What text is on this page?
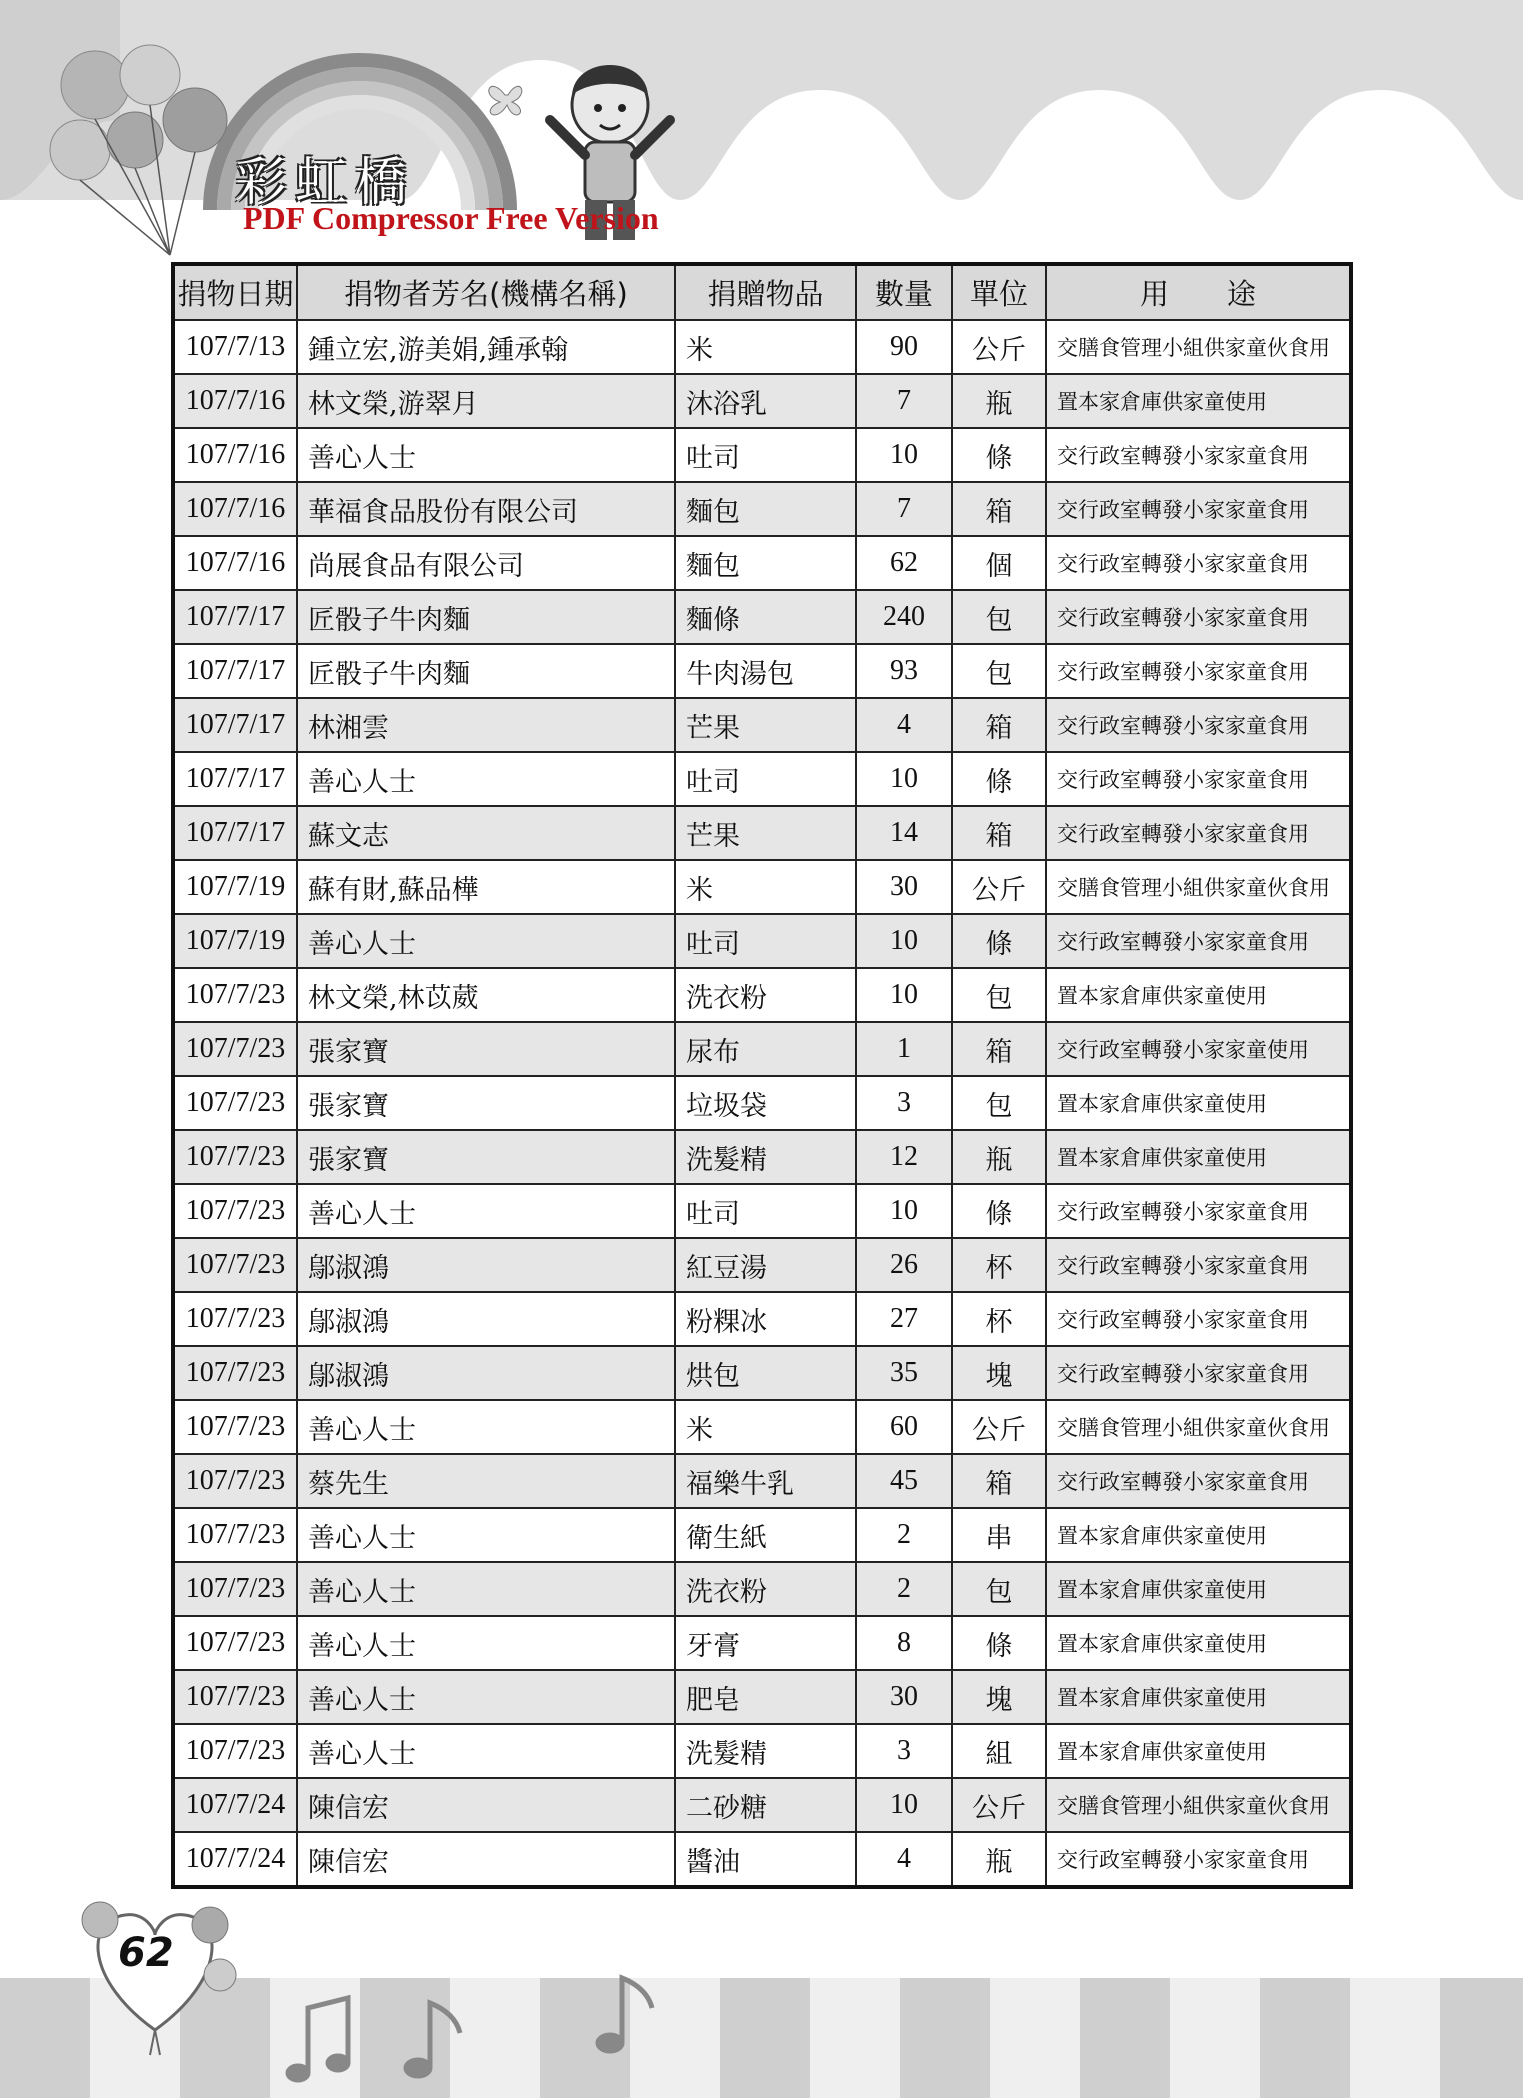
彩虹橋
PDF Compressor Free Version
捐物日期	捐物者芳名(機構名稱)	捐贈物品	數量	單位	用　　途
107/7/13	鍾立宏,游美娟,鍾承翰	米	90	公斤	交膳食管理小組供家童伙食用
107/7/16	林文榮,游翠月	沐浴乳	7	瓶	置本家倉庫供家童使用
107/7/16	善心人士	吐司	10	條	交行政室轉發小家家童食用
107/7/16	華福食品股份有限公司	麵包	7	箱	交行政室轉發小家家童食用
107/7/16	尚展食品有限公司	麵包	62	個	交行政室轉發小家家童食用
107/7/17	匠骰子牛肉麵	麵條	240	包	交行政室轉發小家家童食用
107/7/17	匠骰子牛肉麵	牛肉湯包	93	包	交行政室轉發小家家童食用
107/7/17	林湘雲	芒果	4	箱	交行政室轉發小家家童食用
107/7/17	善心人士	吐司	10	條	交行政室轉發小家家童食用
107/7/17	蘇文志	芒果	14	箱	交行政室轉發小家家童食用
107/7/19	蘇有財,蘇品樺	米	30	公斤	交膳食管理小組供家童伙食用
107/7/19	善心人士	吐司	10	條	交行政室轉發小家家童食用
107/7/23	林文榮,林苡葳	洗衣粉	10	包	置本家倉庫供家童使用
107/7/23	張家寶	尿布	1	箱	交行政室轉發小家家童使用
107/7/23	張家寶	垃圾袋	3	包	置本家倉庫供家童使用
107/7/23	張家寶	洗髮精	12	瓶	置本家倉庫供家童使用
107/7/23	善心人士	吐司	10	條	交行政室轉發小家家童食用
107/7/23	鄔淑鴻	紅豆湯	26	杯	交行政室轉發小家家童食用
107/7/23	鄔淑鴻	粉粿冰	27	杯	交行政室轉發小家家童食用
107/7/23	鄔淑鴻	烘包	35	塊	交行政室轉發小家家童食用
107/7/23	善心人士	米	60	公斤	交膳食管理小組供家童伙食用
107/7/23	蔡先生	福樂牛乳	45	箱	交行政室轉發小家家童食用
107/7/23	善心人士	衛生紙	2	串	置本家倉庫供家童使用
107/7/23	善心人士	洗衣粉	2	包	置本家倉庫供家童使用
107/7/23	善心人士	牙膏	8	條	置本家倉庫供家童使用
107/7/23	善心人士	肥皂	30	塊	置本家倉庫供家童使用
107/7/23	善心人士	洗髮精	3	組	置本家倉庫供家童使用
107/7/24	陳信宏	二砂糖	10	公斤	交膳食管理小組供家童伙食用
107/7/24	陳信宏	醬油	4	瓶	交行政室轉發小家家童食用
62
